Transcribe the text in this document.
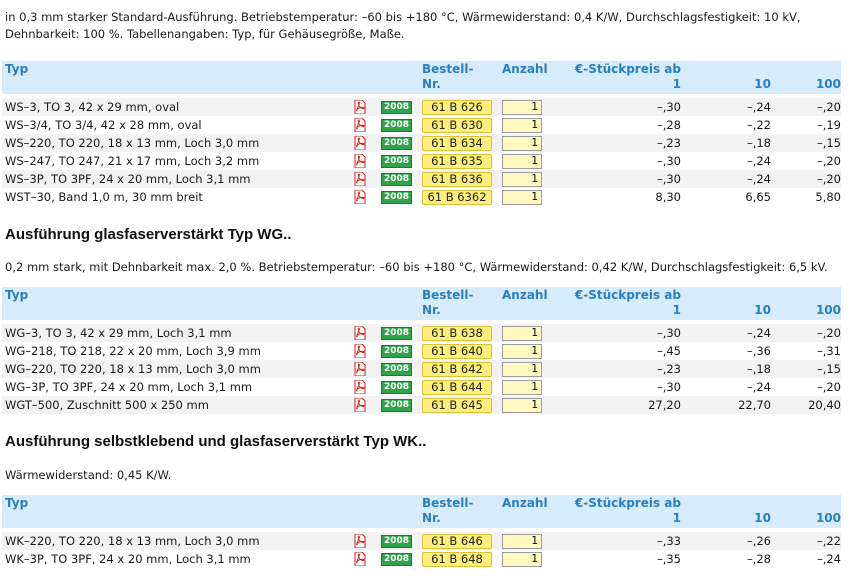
in 0,3 mm starker Standard-Ausführung. Betriebstemperatur: –60 bis +180 °C, Wärmewiderstand: 0,4 K/W, Durchschlagsfestigkeit: 10 kV, Dehnbarkeit: 100 %. Tabellenangaben: Typ, für Gehäusegröße, Maße.
Typ			Bestell-
Nr.	Anzahl	€-Stückpreis ab
1	10	100

WS–3, TO 3, 42 x 29 mm, oval		2008	61 B 626	1	–,30	–,24	–,20
WS–3/4, TO 3/4, 42 x 28 mm, oval		2008	61 B 630	1	–,28	–,22	–,19
WS–220, TO 220, 18 x 13 mm, Loch 3,0 mm		2008	61 B 634	1	–,23	–,18	–,15
WS–247, TO 247, 21 x 17 mm, Loch 3,2 mm		2008	61 B 635	1	–,30	–,24	–,20
WS–3P, TO 3PF, 24 x 20 mm, Loch 3,1 mm		2008	61 B 636	1	–,30	–,24	–,20
WST–30, Band 1,0 m, 30 mm breit		2008	61 B 6362	1	8,30	6,65	5,80
Ausführung glasfaserverstärkt Typ WG..
0,2 mm stark, mit Dehnbarkeit max. 2,0 %. Betriebstemperatur: –60 bis +180 °C, Wärmewiderstand: 0,42 K/W, Durchschlagsfestigkeit: 6,5 kV.
Typ			Bestell-
Nr.	Anzahl	€-Stückpreis ab
1	10	100

WG–3, TO 3, 42 x 29 mm, Loch 3,1 mm		2008	61 B 638	1	–,30	–,24	–,20
WG–218, TO 218, 22 x 20 mm, Loch 3,9 mm		2008	61 B 640	1	–,45	–,36	–,31
WG–220, TO 220, 18 x 13 mm, Loch 3,0 mm		2008	61 B 642	1	–,23	–,18	–,15
WG–3P, TO 3PF, 24 x 20 mm, Loch 3,1 mm		2008	61 B 644	1	–,30	–,24	–,20
WGT–500, Zuschnitt 500 x 250 mm		2008	61 B 645	1	27,20	22,70	20,40
Ausführung selbstklebend und glasfaserverstärkt Typ WK..
Wärmewiderstand: 0,45 K/W.
Typ			Bestell-
Nr.	Anzahl	€-Stückpreis ab
1	10	100

WK–220, TO 220, 18 x 13 mm, Loch 3,0 mm		2008	61 B 646	1	–,33	–,26	–,22
WK–3P, TO 3PF, 24 x 20 mm, Loch 3,1 mm		2008	61 B 648	1	–,35	–,28	–,24
